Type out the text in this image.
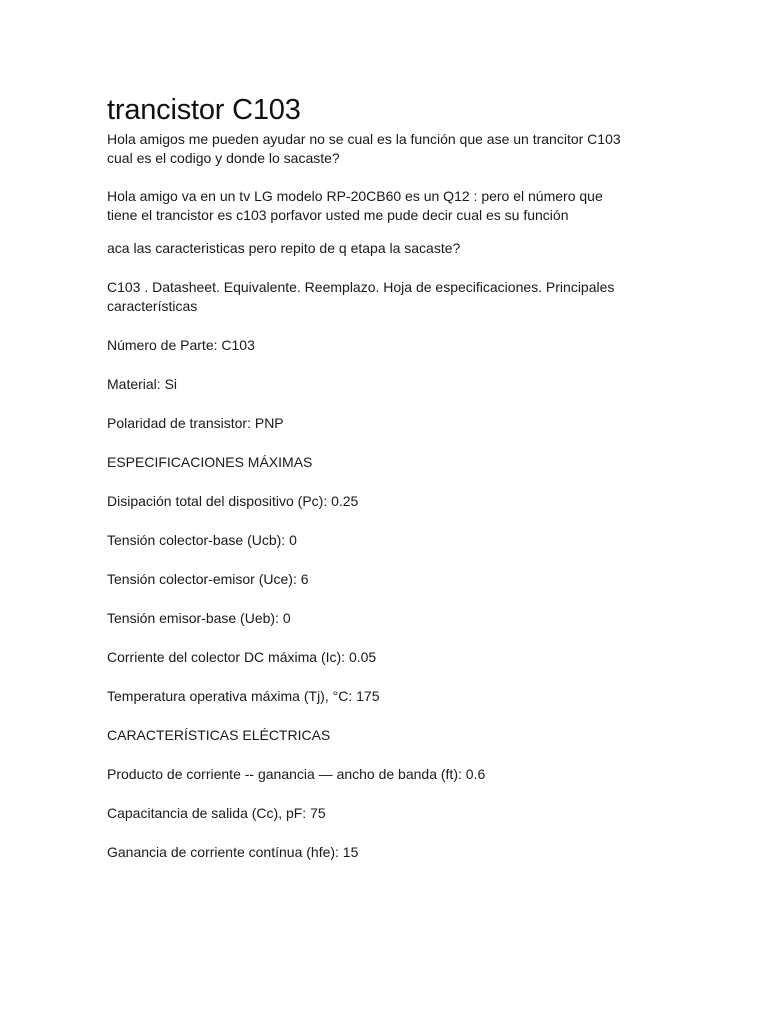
trancistor C103

Hola amigos me pueden ayudar no se cual es la función que ase un trancitor C103
cual es el codigo y donde lo sacaste?

Hola amigo va en un tv LG modelo RP-20CB60 es un Q12 : pero el número que
tiene el trancistor es c103 porfavor usted me pude decir cual es su función

aca las caracteristicas pero repito de q etapa la sacaste?

C103 . Datasheet. Equivalente. Reemplazo. Hoja de especificaciones. Principales
características

Número de Parte: C103

Material: Si

Polaridad de transistor: PNP

ESPECIFICACIONES MÁXIMAS

Disipación total del dispositivo (Pc): 0.25

Tensión colector-base (Ucb): 0

Tensión colector-emisor (Uce): 6

Tensión emisor-base (Ueb): 0

Corriente del colector DC máxima (Ic): 0.05

Temperatura operativa máxima (Tj), °C: 175

CARACTERÍSTICAS ELÉCTRICAS

Producto de corriente -- ganancia — ancho de banda (ft): 0.6

Capacitancia de salida (Cc), pF: 75

Ganancia de corriente contínua (hfe): 15
